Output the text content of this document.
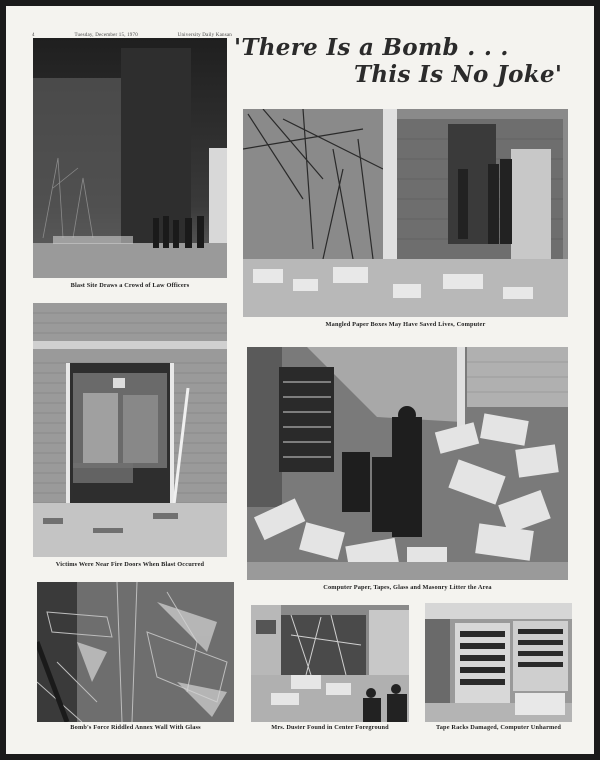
4	Tuesday, December 15, 1970	University Daily Kansan 'There Is a Bomb . . .
This Is No Joke'
Blast Site Draws a Crowd of Law Officers
Mangled Paper Boxes May Have Saved Lives, Computer
Victims Were Near Fire Doors When Blast Occurred
Computer Paper, Tapes, Glass and Masonry Litter the Area
Bomb's Force Riddled Annex Wall With Glass	Mrs. Duster Found in Center Foreground	Tape Racks Damaged, Computer Unharmed
